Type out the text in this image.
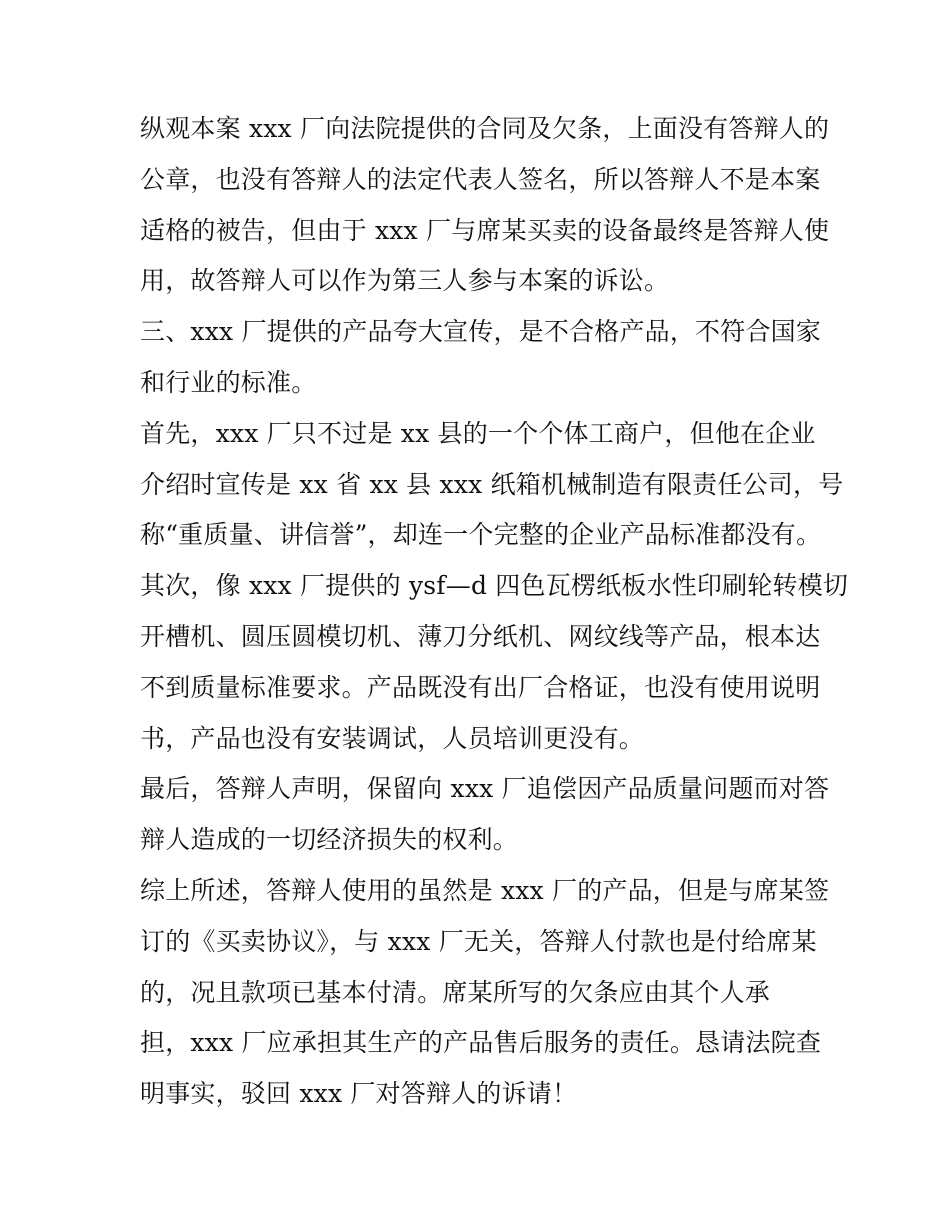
纵观本案 xxx 厂向法院提供的合同及欠条，上面没有答辩人的
公章，也没有答辩人的法定代表人签名，所以答辩人不是本案
适格的被告，但由于 xxx 厂与席某买卖的设备最终是答辩人使
用，故答辩人可以作为第三人参与本案的诉讼。
三、xxx 厂提供的产品夸大宣传，是不合格产品，不符合国家
和行业的标准。
首先，xxx 厂只不过是 xx 县的一个个体工商户，但他在企业
介绍时宣传是 xx 省 xx 县 xxx 纸箱机械制造有限责任公司，号
称“重质量、讲信誉”，却连一个完整的企业产品标准都没有。
其次，像 xxx 厂提供的 ysf—d 四色瓦楞纸板水性印刷轮转模切
开槽机、圆压圆模切机、薄刀分纸机、网纹线等产品，根本达
不到质量标准要求。产品既没有出厂合格证，也没有使用说明
书，产品也没有安装调试，人员培训更没有。
最后，答辩人声明，保留向 xxx 厂追偿因产品质量问题而对答
辩人造成的一切经济损失的权利。
综上所述，答辩人使用的虽然是 xxx 厂的产品，但是与席某签
订的《买卖协议》，与 xxx 厂无关，答辩人付款也是付给席某
的，况且款项已基本付清。席某所写的欠条应由其个人承
担，xxx 厂应承担其生产的产品售后服务的责任。恳请法院查
明事实，驳回 xxx 厂对答辩人的诉请！
